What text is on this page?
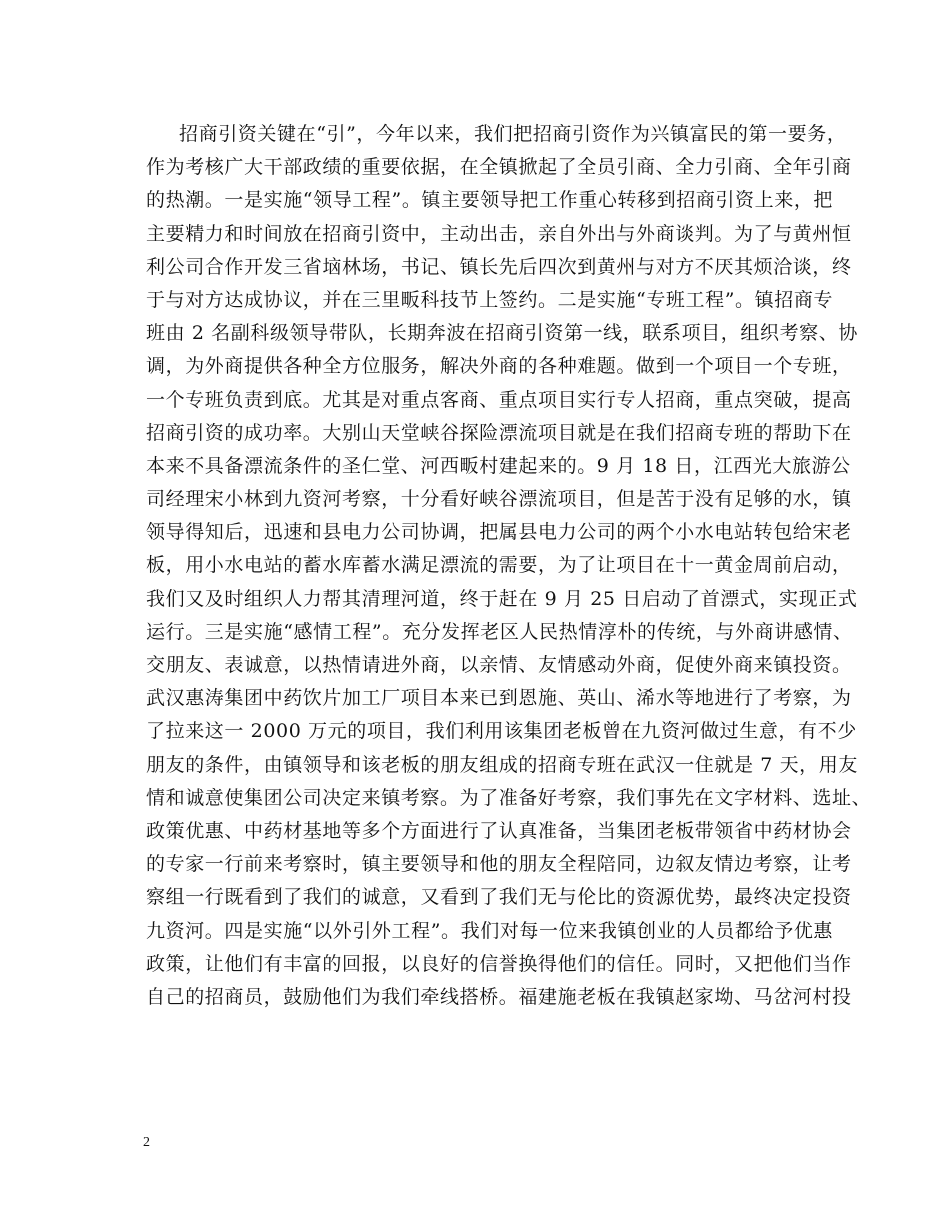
招商引资关键在“引”，今年以来，我们把招商引资作为兴镇富民的第一要务，
作为考核广大干部政绩的重要依据，在全镇掀起了全员引商、全力引商、全年引商
的热潮。一是实施“领导工程”。镇主要领导把工作重心转移到招商引资上来，把
主要精力和时间放在招商引资中，主动出击，亲自外出与外商谈判。为了与黄州恒
利公司合作开发三省垴林场，书记、镇长先后四次到黄州与对方不厌其烦洽谈，终
于与对方达成协议，并在三里畈科技节上签约。二是实施“专班工程”。镇招商专
班由 2 名副科级领导带队，长期奔波在招商引资第一线，联系项目，组织考察、协
调，为外商提供各种全方位服务，解决外商的各种难题。做到一个项目一个专班，
一个专班负责到底。尤其是对重点客商、重点项目实行专人招商，重点突破，提高
招商引资的成功率。大别山天堂峡谷探险漂流项目就是在我们招商专班的帮助下在
本来不具备漂流条件的圣仁堂、河西畈村建起来的。9 月 18 日，江西光大旅游公
司经理宋小林到九资河考察，十分看好峡谷漂流项目，但是苦于没有足够的水，镇
领导得知后，迅速和县电力公司协调，把属县电力公司的两个小水电站转包给宋老
板，用小水电站的蓄水库蓄水满足漂流的需要，为了让项目在十一黄金周前启动，
我们又及时组织人力帮其清理河道，终于赶在 9 月 25 日启动了首漂式，实现正式
运行。三是实施“感情工程”。充分发挥老区人民热情淳朴的传统，与外商讲感情、
交朋友、表诚意，以热情请进外商，以亲情、友情感动外商，促使外商来镇投资。
武汉惠涛集团中药饮片加工厂项目本来已到恩施、英山、浠水等地进行了考察，为
了拉来这一 2000 万元的项目，我们利用该集团老板曾在九资河做过生意，有不少
朋友的条件，由镇领导和该老板的朋友组成的招商专班在武汉一住就是 7 天，用友
情和诚意使集团公司决定来镇考察。为了准备好考察，我们事先在文字材料、选址、
政策优惠、中药材基地等多个方面进行了认真准备，当集团老板带领省中药材协会
的专家一行前来考察时，镇主要领导和他的朋友全程陪同，边叙友情边考察，让考
察组一行既看到了我们的诚意，又看到了我们无与伦比的资源优势，最终决定投资
九资河。四是实施“以外引外工程”。我们对每一位来我镇创业的人员都给予优惠
政策，让他们有丰富的回报，以良好的信誉换得他们的信任。同时，又把他们当作
自己的招商员，鼓励他们为我们牵线搭桥。福建施老板在我镇赵家坳、马岔河村投
2
